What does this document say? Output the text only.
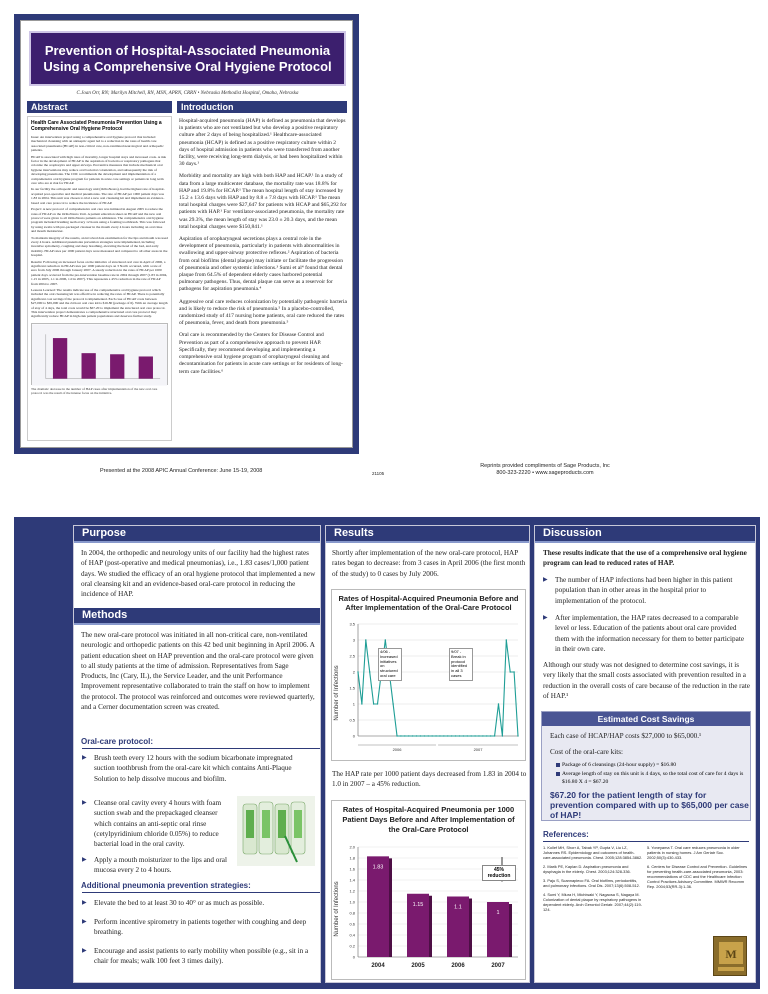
Prevention of Hospital-Associated Pneumonia
Using a Comprehensive Oral Hygiene Protocol
C.Joan Orr, RN; Marilyn Mitchell, RN, MSN, APRN, CRRN • Nebraska Methodist Hospital, Omaha, Nebraska
Abstract
Health Care Associated Pneumonia Prevention Using a Comprehensive Oral Hygiene Protocol

Issue: An intervention project using a comprehensive oral hygiene protocol that included mechanical cleansing with an antiseptic agent led to a reduction in the rates of health care associated pneumonia (HCAP) in non-critical care, non-ventilated neurological and orthopedic patients.

HCAP is associated with high rates of mortality, longer hospital stays and increased costs. A risk factor in the development of HCAP is the aspiration of bacteria or respiratory pathogens that colonize the oropharynx and upper airways. Preventive measures that include mechanical oral hygiene interventions may reduce oral bacterial colonization, and subsequently the risk of developing pneumonia. The CDC recommends the development and implementation of a comprehensive oral hygiene program for patients in acute care settings or patients in long term care who are at risk for HCAP.

In our facility the orthopedic and neurology unit (OrthoNeuro), had the highest rate of hospital-acquired post-operative and medical pneumonias. The rate of HCAP per 1000 patient days was 1.83 in 2004. This unit was chosen to trial a new oral cleansing kit and implement an evidence-based oral care protocol to reduce the incidence of HCAP.

Project: A new protocol of comprehensive oral care was initiated in August 2005 to reduce the rates of HCAP on the OrthoNeuro Unit. A patient education sheet on HCAP and the new oral protocol were given to all OrthoNeuro patients on admission. The comprehensive oral hygiene program included brushing teeth every 12 hours using a foaming toothbrush. This was followed by using swabs with pre-packaged cleanser in the mouth every 4 hours including an oral rinse and mouth moisturizer.

To maintain integrity of the results, an involved data examination for the lips and mouth was used every 4 hours. Additional pneumonia prevention strategies were implemented, including incentive spirometry, coughing and deep breathing, elevating the head of the bed, and early mobility. HCAP rates per 1000 patient days were measured and compared to all other areas in the hospital.

Results: Following an increased focus on the initiative of structured oral care in April of 2006, a significant reduction in HCAP rates per 1000 patient days on 3 North occurred, with a rate of zero from July 2006 through January 2007. A steady reduction in the rates of HCAP per 1000 patient days occurred from the pre-intervention baseline rate in 2004 through 2007 (1.83 in 2004, 1.15 in 2005, 1.1 in 2006, 1.0 in 2007). This represents a 45% reduction in the rate of HCAP from 2004 to 2007.

Lessons Learned: The results indicate use of the comprehensive oral hygiene protocol which included the oral cleansing kit was effective in reducing the rates of HCAP. There is potentially significant cost savings if the protocol is implemented. Each case of HCAP costs between $27,000 to $65,000 and the 24 hour oral care kit is $16.80 (package of 6). With an average length of stay of 4 days, the total costs would be $67.20 to implement the structured oral care protocol. This intervention project demonstrates a comprehensive structured oral care protocol may significantly reduce HCAP in high-risk patient populations and deserves further study.

The dramatic decrease in the number of HAP cases after implementation of the new oral care protocol was the result of the intense focus on the initiative.
Introduction

Hospital-acquired pneumonia (HAP) is defined as pneumonia that develops in patients who are not ventilated but who develop a positive respiratory culture after 2 days of being hospitalized.¹ Healthcare-associated pneumonia (HCAP) is defined as a positive respiratory culture within 2 days of hospital admission in patients who were transferred from another facility, were receiving long-term dialysis, or had been hospitalized within 30 days.¹

Morbidity and mortality are high with both HAP and HCAP.¹ In a study of data from a large multicenter database, the mortality rate was 18.8% for HAP and 19.8% for HCAP.¹ The mean hospital length of stay increased by 15.2 ± 13.6 days with HAP and by 8.8 ± 7.8 days with HCAP.¹ The mean total hospital charges were $27,647 for patients with HCAP and $65,292 for patients with HAP.¹ For ventilator-associated pneumonia, the mortality rate was 29.3%, the mean length of stay was 23.0 ± 20.3 days, and the mean total hospital charges were $150,841.¹

Aspiration of oropharyngeal secretions plays a central role in the development of pneumonia, particularly in patients with abnormalities in swallowing and upper-airway protective reflexes.² Aspiration of bacteria from oral biofilms (dental plaque) may initiate or facilitate the progression of pneumonia and other systemic infections.³ Sumi et al⁴ found that dental plaque from 64.5% of dependent elderly cases harbored potential pulmonary pathogens. Thus, dental plaque can serve as a reservoir for pathogens for aspiration pneumonia.⁴

Aggressive oral care reduces colonization by potentially pathogenic bacteria and is likely to reduce the risk of pneumonia.⁵ In a placebo-controlled, randomized study of 417 nursing home patients, oral care reduced the rates of pneumonia, fever, and death from pneumonia.⁵

Oral care is recommended by the Centers for Disease Control and Prevention as part of a comprehensive approach to prevent HAP. Specifically, they recommend developing and implementing a comprehensive oral hygiene program of oropharyngeal cleaning and decontamination for patients in acute care settings or for residents of long-term care facilities.⁶

Presented at the 2008 APIC Annual Conference: June 15-19, 2008	21105
Reprints provided compliments of Sage Products, Inc
800-323-2220 • www.sageproducts.com
Purpose
In 2004, the orthopedic and neurology units of our facility had the highest rates of HAP (post-operative and medical pneumonias), i.e., 1.83 cases/1,000 patient days. We studied the efficacy of an oral hygiene protocol that implemented a new oral cleansing kit and an evidence-based oral-care protocol in reducing the incidence of HAP.
Methods
The new oral-care protocol was initiated in all non-critical care, non-ventilated neurologic and orthopedic patients on this 42 bed unit beginning in April 2006. A patient education sheet on HAP prevention and the oral-care protocol were given to all study patients at the time of admission. Representatives from Sage Products, Inc (Cary, IL), the Service Leader, and the unit Performance Improvement representative collaborated to train the staff on how to implement the protocol. The protocol was reinforced and outcomes were reviewed quarterly, and a Cerner documentation screen was created.
Oral-care protocol:
▶ Brush teeth every 12 hours with the sodium bicarbonate impregnated suction toothbrush from the oral-care kit which contains Anti-Plaque Solution to help dissolve mucous and biofilm.
▶ Cleanse oral cavity every 4 hours with foam suction swab and the prepackaged cleanser which contains an anti-septic oral rinse (cetylpyridinium chloride 0.05%) to reduce bacterial load in the oral cavity.
▶ Apply a mouth moisturizer to the lips and oral mucosa every 2 to 4 hours.
Additional pneumonia prevention strategies:
▶ Elevate the bed to at least 30 to 40° or as much as possible.
▶ Perform incentive spirometry in patients together with coughing and deep breathing.
▶ Encourage and assist patients to early mobility when possible (e.g., sit in a chair for meals; walk 100 feet 3 times daily).
Results
Shortly after implementation of the new oral-care protocol, HAP rates began to decrease: from 3 cases in April 2006 (the first month of the study) to 0 cases by July 2006.
Rates of Hospital-Acquired Pneumonia Before and After Implementation of the Oral-Care Protocol
Number of Infections
0
0.5
1
1.5
2
2.5
3
3.5
2006	2007
4/06 - Increased initiatives on structured oral care
9/07 - Break in protocol identified in all 3 cases
The HAP rate per 1000 patient days decreased from 1.83 in 2004 to 1.0 in 2007 – a 45% reduction.
Rates of Hospital-Acquired Pneumonia per 1000 Patient Days Before and After Implementation of the Oral-Care Protocol
Number of Infections
0
0.2
0.4
0.6
0.8
1.0
1.2
1.4
1.6
1.8
2.0
1.83
1.15	1.1
1
2004	2005	2006	2007
45% reduction
Discussion
These results indicate that the use of a comprehensive oral hygiene program can lead to reduced rates of HAP.
▶ The number of HAP infections had been higher in this patient population than in other areas in the hospital prior to implementation of the protocol.
▶ After implementation, the HAP rates decreased to a comparable level or less. Education of the patients about oral care provided them with the information necessary for them to better participate in their own care.
Although our study was not designed to determine cost savings, it is very likely that the small costs associated with prevention resulted in a reduction in the overall costs of care because of the reduction in the rate of HAP.¹
Estimated Cost Savings
Each case of HCAP/HAP costs $27,000 to $65,000.¹
Cost of the oral-care kits:
Package of 6 cleansings (24-hour supply) = $16.80
Average length of stay on this unit is 4 days, so the total cost of care for 4 days is $16.80 X 4 = $67.20
$67.20 for the patient length of stay for prevention compared with up to $65,000 per case of HAP!
References:
1. Kollef MH, Shorr A, Tabak YP, Gupta V, Liu LZ, Johannes RS. Epidemiology and outcomes of health-care-associated pneumonia. Chest. 2005;128:3854-3862.
2. Marik PE, Kaplan D. Aspiration pneumonia and dysphagia in the elderly. Chest. 2003;124:328-336.
3. Paju S, Scannapieco FA. Oral biofilms, periodontitis, and pulmonary infections. Oral Dis. 2007;13(6):508-512.
4. Sumi Y, Miura H, Michiwaki Y, Nagaosa S, Nagaya M. Colonization of dental plaque by respiratory pathogens in dependent elderly. Arch Gerontol Geriatr. 2007;44(2):119-124.
5. Yoneyama T. Oral care reduces pneumonia in older patients in nursing homes. J Am Geriatr Soc. 2002;50(3):430-433.
6. Centers for Disease Control and Prevention. Guidelines for preventing health-care-associated pneumonia, 2003: recommendations of CDC and the Healthcare Infection Control Practices Advisory Committee. MMWR Recomm Rep. 2004;53(RR-3):1-36.
M
